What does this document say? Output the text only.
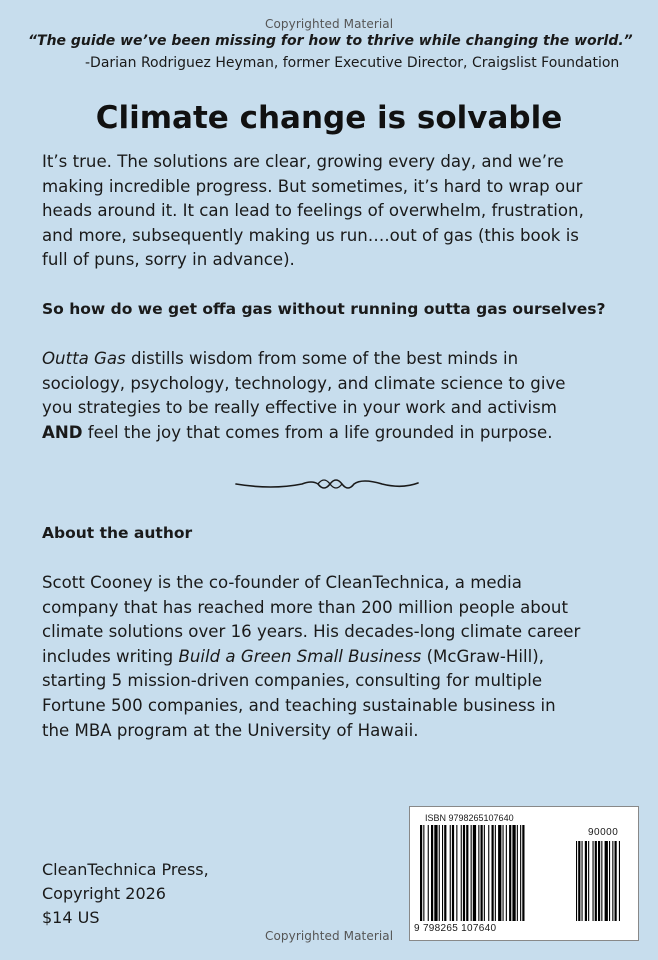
Copyrighted Material
“The guide we’ve been missing for how to thrive while changing the world.”
-Darian Rodriguez Heyman, former Executive Director, Craigslist Foundation
Climate change is solvable
It’s true. The solutions are clear, growing every day, and we’re
making incredible progress. But sometimes, it’s hard to wrap our
heads around it. It can lead to feelings of overwhelm, frustration,
and more, subsequently making us run….out of gas (this book is
full of puns, sorry in advance).
So how do we get offa gas without running outta gas ourselves?
Outta Gas distills wisdom from some of the best minds in
sociology, psychology, technology, and climate science to give
you strategies to be really effective in your work and activism
AND feel the joy that comes from a life grounded in purpose.
About the author
Scott Cooney is the co-founder of CleanTechnica, a media
company that has reached more than 200 million people about
climate solutions over 16 years. His decades-long climate career
includes writing Build a Green Small Business (McGraw-Hill),
starting 5 mission-driven companies, consulting for multiple
Fortune 500 companies, and teaching sustainable business in
the MBA program at the University of Hawaii.
CleanTechnica Press,
Copyright 2026
$14 US
ISBN 9798265107640
90000
9 798265 107640
Copyrighted Material
